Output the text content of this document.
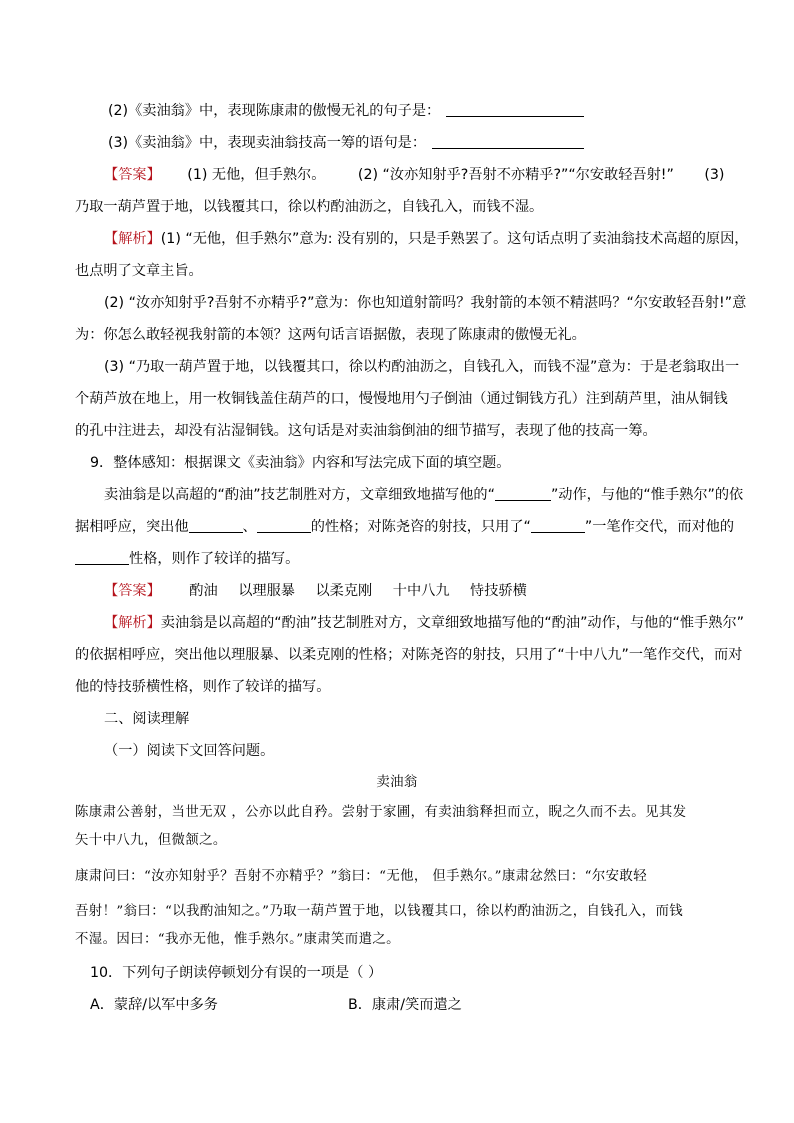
(2)《卖油翁》中，表现陈康肃的傲慢无礼的句子是：
(3)《卖油翁》中，表现卖油翁技高一筹的语句是：
【答案】 (1) 无他，但手熟尔。 (2) “汝亦知射乎?吾射不亦精乎?”“尔安敢轻吾射!” (3)
乃取一葫芦置于地，以钱覆其口，徐以杓酌油沥之，自钱孔入，而钱不湿。
【解析】(1) “无他，但手熟尔”意为: 没有别的，只是手熟罢了。这句话点明了卖油翁技术高超的原因，
也点明了文章主旨。
(2) “汝亦知射乎?吾射不亦精乎?”意为：你也知道射箭吗？我射箭的本领不精湛吗？“尔安敢轻吾射!”意
为：你怎么敢轻视我射箭的本领？这两句话言语据傲，表现了陈康肃的傲慢无礼。
(3) “乃取一葫芦置于地，以钱覆其口，徐以杓酌油沥之，自钱孔入，而钱不湿”意为：于是老翁取出一
个葫芦放在地上，用一枚铜钱盖住葫芦的口，慢慢地用勺子倒油（通过铜钱方孔）注到葫芦里，油从铜钱
的孔中注进去，却没有沾湿铜钱。这句话是对卖油翁倒油的细节描写，表现了他的技高一筹。
9．整体感知：根据课文《卖油翁》内容和写法完成下面的填空题。
卖油翁是以高超的“酌油”技艺制胜对方，文章细致地描写他的“	”动作，与他的“惟手熟尔”的依
据相呼应，突出他	、	的性格；对陈尧咨的射技，只用了“	”一笔作交代，而对他的
性格，则作了较详的描写。
【答案】 酌油 以理服暴 以柔克刚 十中八九 恃技骄横
【解析】卖油翁是以高超的“酌油”技艺制胜对方，文章细致地描写他的“酌油”动作，与他的“惟手熟尔”
的依据相呼应，突出他以理服暴、以柔克刚的性格；对陈尧咨的射技，只用了“十中八九”一笔作交代，而对
他的恃技骄横性格，则作了较详的描写。
二、阅读理解
（一）阅读下文回答问题。
卖油翁
陈康肃公善射，当世无双 ，公亦以此自矜。尝射于家圃，有卖油翁释担而立，睨之久而不去。见其发
矢十中八九，但微颔之。
康肃问曰：“汝亦知射乎？吾射不亦精乎？”翁曰：“无他， 但手熟尔。”康肃忿然曰：“尔安敢轻
吾射！”翁曰：“以我酌油知之。”乃取一葫芦置于地，以钱覆其口，徐以杓酌油沥之，自钱孔入，而钱
不湿。因曰：“我亦无他，惟手熟尔。”康肃笑而遣之。
10．下列句子朗读停顿划分有误的一项是（ ）
A．蒙辞/以军中多务	B．康肃/笑而遣之
